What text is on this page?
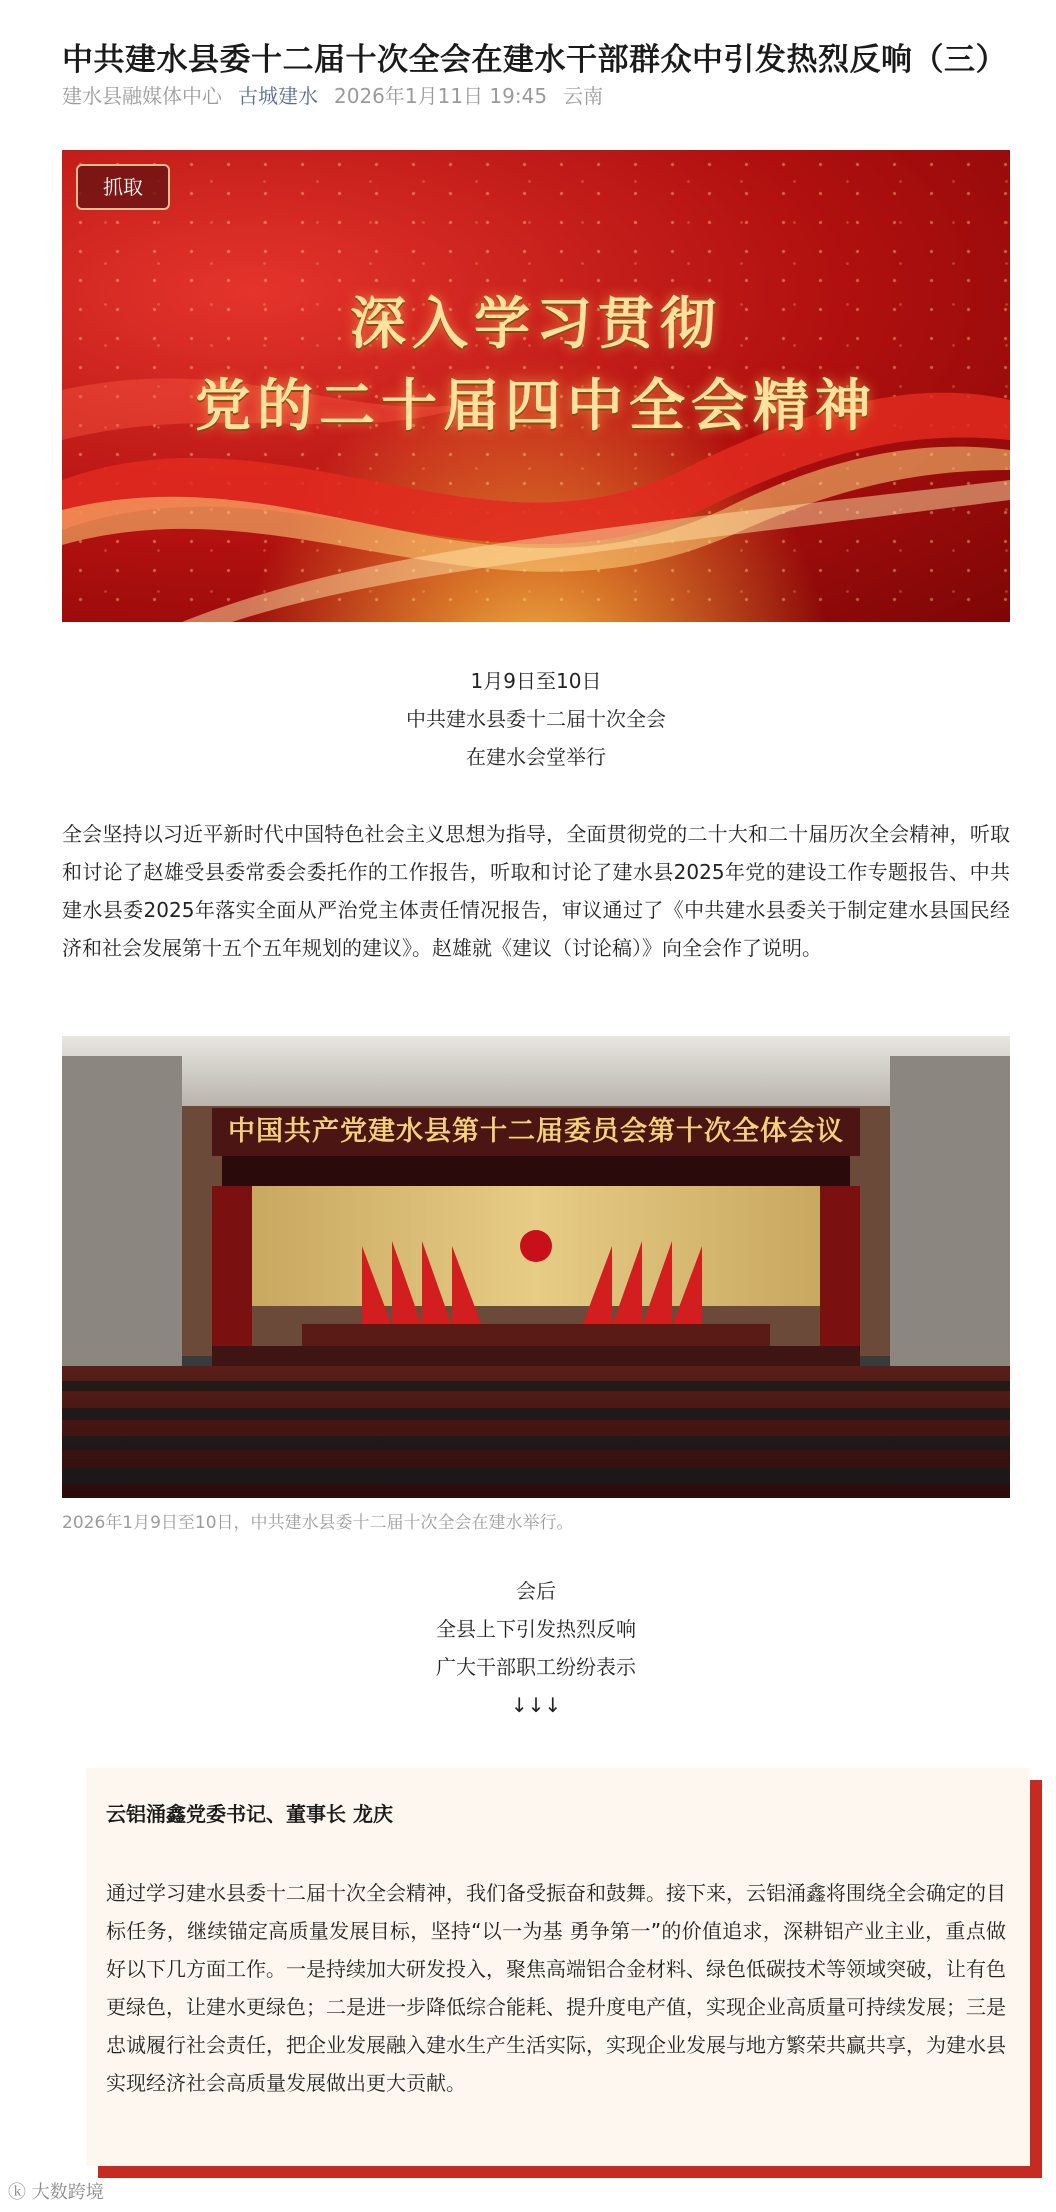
中共建水县委十二届十次全会在建水干部群众中引发热烈反响（三）
建水县融媒体中心 古城建水 2026年1月11日 19:45 云南
抓取
深入学习贯彻
党的二十届四中全会精神
1月9日至10日
中共建水县委十二届十次全会
在建水会堂举行

全会坚持以习近平新时代中国特色社会主义思想为指导，全面贯彻党的二十大和二十届历次全会精神，听取和讨论了赵雄受县委常委会委托作的工作报告，听取和讨论了建水县2025年党的建设工作专题报告、中共建水县委2025年落实全面从严治党主体责任情况报告，审议通过了《中共建水县委关于制定建水县国民经济和社会发展第十五个五年规划的建议》。赵雄就《建议（讨论稿）》向全会作了说明。

中国共产党建水县第十二届委员会第十次全体会议
2026年1月9日至10日，中共建水县委十二届十次全会在建水举行。
会后
全县上下引发热烈反响
广大干部职工纷纷表示
↓↓↓
云铝涌鑫党委书记、董事长 龙庆

通过学习建水县委十二届十次全会精神，我们备受振奋和鼓舞。接下来，云铝涌鑫将围绕全会确定的目标任务，继续锚定高质量发展目标，坚持“以一为基 勇争第一”的价值追求，深耕铝产业主业，重点做好以下几方面工作。一是持续加大研发投入，聚焦高端铝合金材料、绿色低碳技术等领域突破，让有色更绿色，让建水更绿色；二是进一步降低综合能耗、提升度电产值，实现企业高质量可持续发展；三是忠诚履行社会责任，把企业发展融入建水生产生活实际，实现企业发展与地方繁荣共赢共享，为建水县实现经济社会高质量发展做出更大贡献。

ⓚ 大数跨境
